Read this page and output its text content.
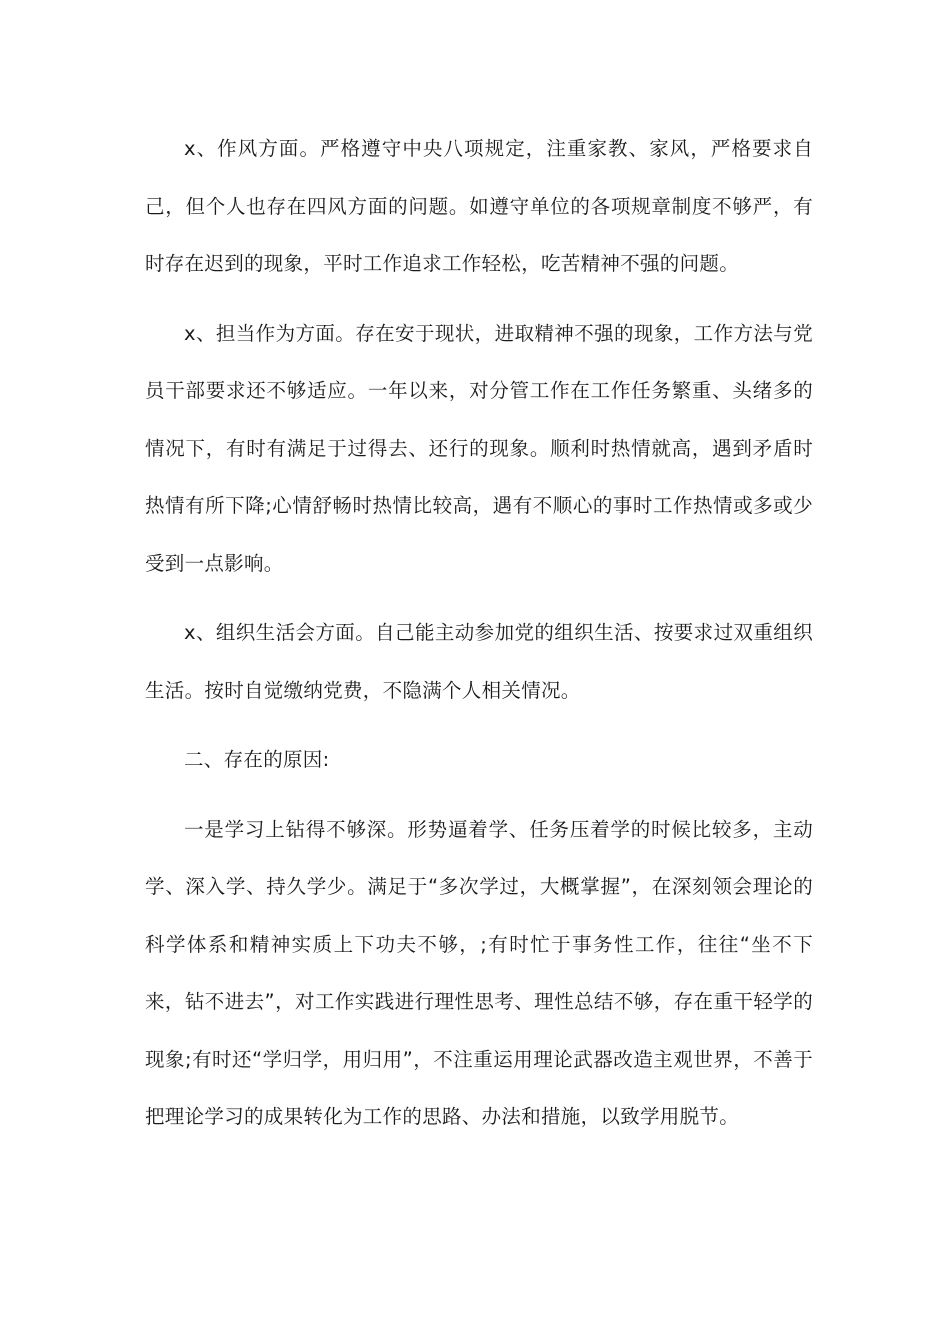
x、作风方面。严格遵守中央八项规定，注重家教、家风，严格要求自己，但个人也存在四风方面的问题。如遵守单位的各项规章制度不够严，有时存在迟到的现象，平时工作追求工作轻松，吃苦精神不强的问题。

x、担当作为方面。存在安于现状，进取精神不强的现象，工作方法与党员干部要求还不够适应。一年以来，对分管工作在工作任务繁重、头绪多的情况下，有时有满足于过得去、还行的现象。顺利时热情就高，遇到矛盾时热情有所下降;心情舒畅时热情比较高，遇有不顺心的事时工作热情或多或少受到一点影响。

x、组织生活会方面。自己能主动参加党的组织生活、按要求过双重组织生活。按时自觉缴纳党费，不隐满个人相关情况。

二、存在的原因:

一是学习上钻得不够深。形势逼着学、任务压着学的时候比较多，主动学、深入学、持久学少。满足于“多次学过，大概掌握”，在深刻领会理论的科学体系和精神实质上下功夫不够，;有时忙于事务性工作，往往“坐不下来，钻不进去”，对工作实践进行理性思考、理性总结不够，存在重干轻学的现象;有时还“学归学，用归用”，不注重运用理论武器改造主观世界，不善于把理论学习的成果转化为工作的思路、办法和措施，以致学用脱节。
